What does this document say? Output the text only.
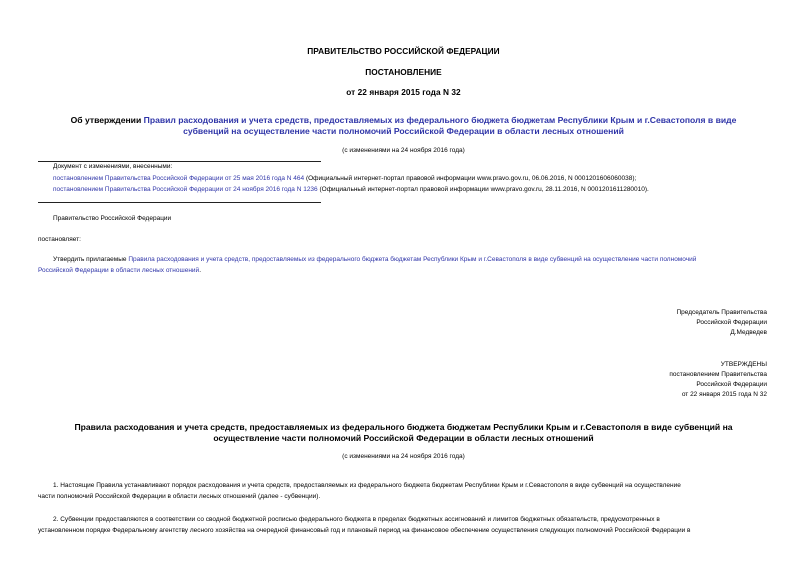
ПРАВИТЕЛЬСТВО РОССИЙСКОЙ ФЕДЕРАЦИИ
ПОСТАНОВЛЕНИЕ
от 22 января 2015 года N 32
Об утверждении Правил расходования и учета средств, предоставляемых из федерального бюджета бюджетам Республики Крым и г.Севастополя в виде
субвенций на осуществление части полномочий Российской Федерации в области лесных отношений
(с изменениями на 24 ноября 2016 года)
Документ с изменениями, внесенными:
постановлением Правительства Российской Федерации от 25 мая 2016 года N 464 (Официальный интернет-портал правовой информации www.pravo.gov.ru, 06.06.2016, N 0001201606060038);
постановлением Правительства Российской Федерации от 24 ноября 2016 года N 1236 (Официальный интернет-портал правовой информации www.pravo.gov.ru, 28.11.2016, N 0001201611280010).
Правительство Российской Федерации
постановляет:
Утвердить прилагаемые Правила расходования и учета средств, предоставляемых из федерального бюджета бюджетам Республики Крым и г.Севастополя в виде субвенций на осуществление части полномочий
Российской Федерации в области лесных отношений.
Председатель Правительства
Российской Федерации
Д.Медведев
УТВЕРЖДЕНЫ
постановлением Правительства
Российской Федерации
от 22 января 2015 года N 32
Правила расходования и учета средств, предоставляемых из федерального бюджета бюджетам Республики Крым и г.Севастополя в виде субвенций на
осуществление части полномочий Российской Федерации в области лесных отношений
(с изменениями на 24 ноября 2016 года)
1. Настоящие Правила устанавливают порядок расходования и учета средств, предоставляемых из федерального бюджета бюджетам Республики Крым и г.Севастополя в виде субвенций на осуществление
части полномочий Российской Федерации в области лесных отношений (далее - субвенции).
2. Субвенции предоставляются в соответствии со сводной бюджетной росписью федерального бюджета в пределах бюджетных ассигнований и лимитов бюджетных обязательств, предусмотренных в
установленном порядке Федеральному агентству лесного хозяйства на очередной финансовый год и плановый период на финансовое обеспечение осуществления следующих полномочий Российской Федерации в
